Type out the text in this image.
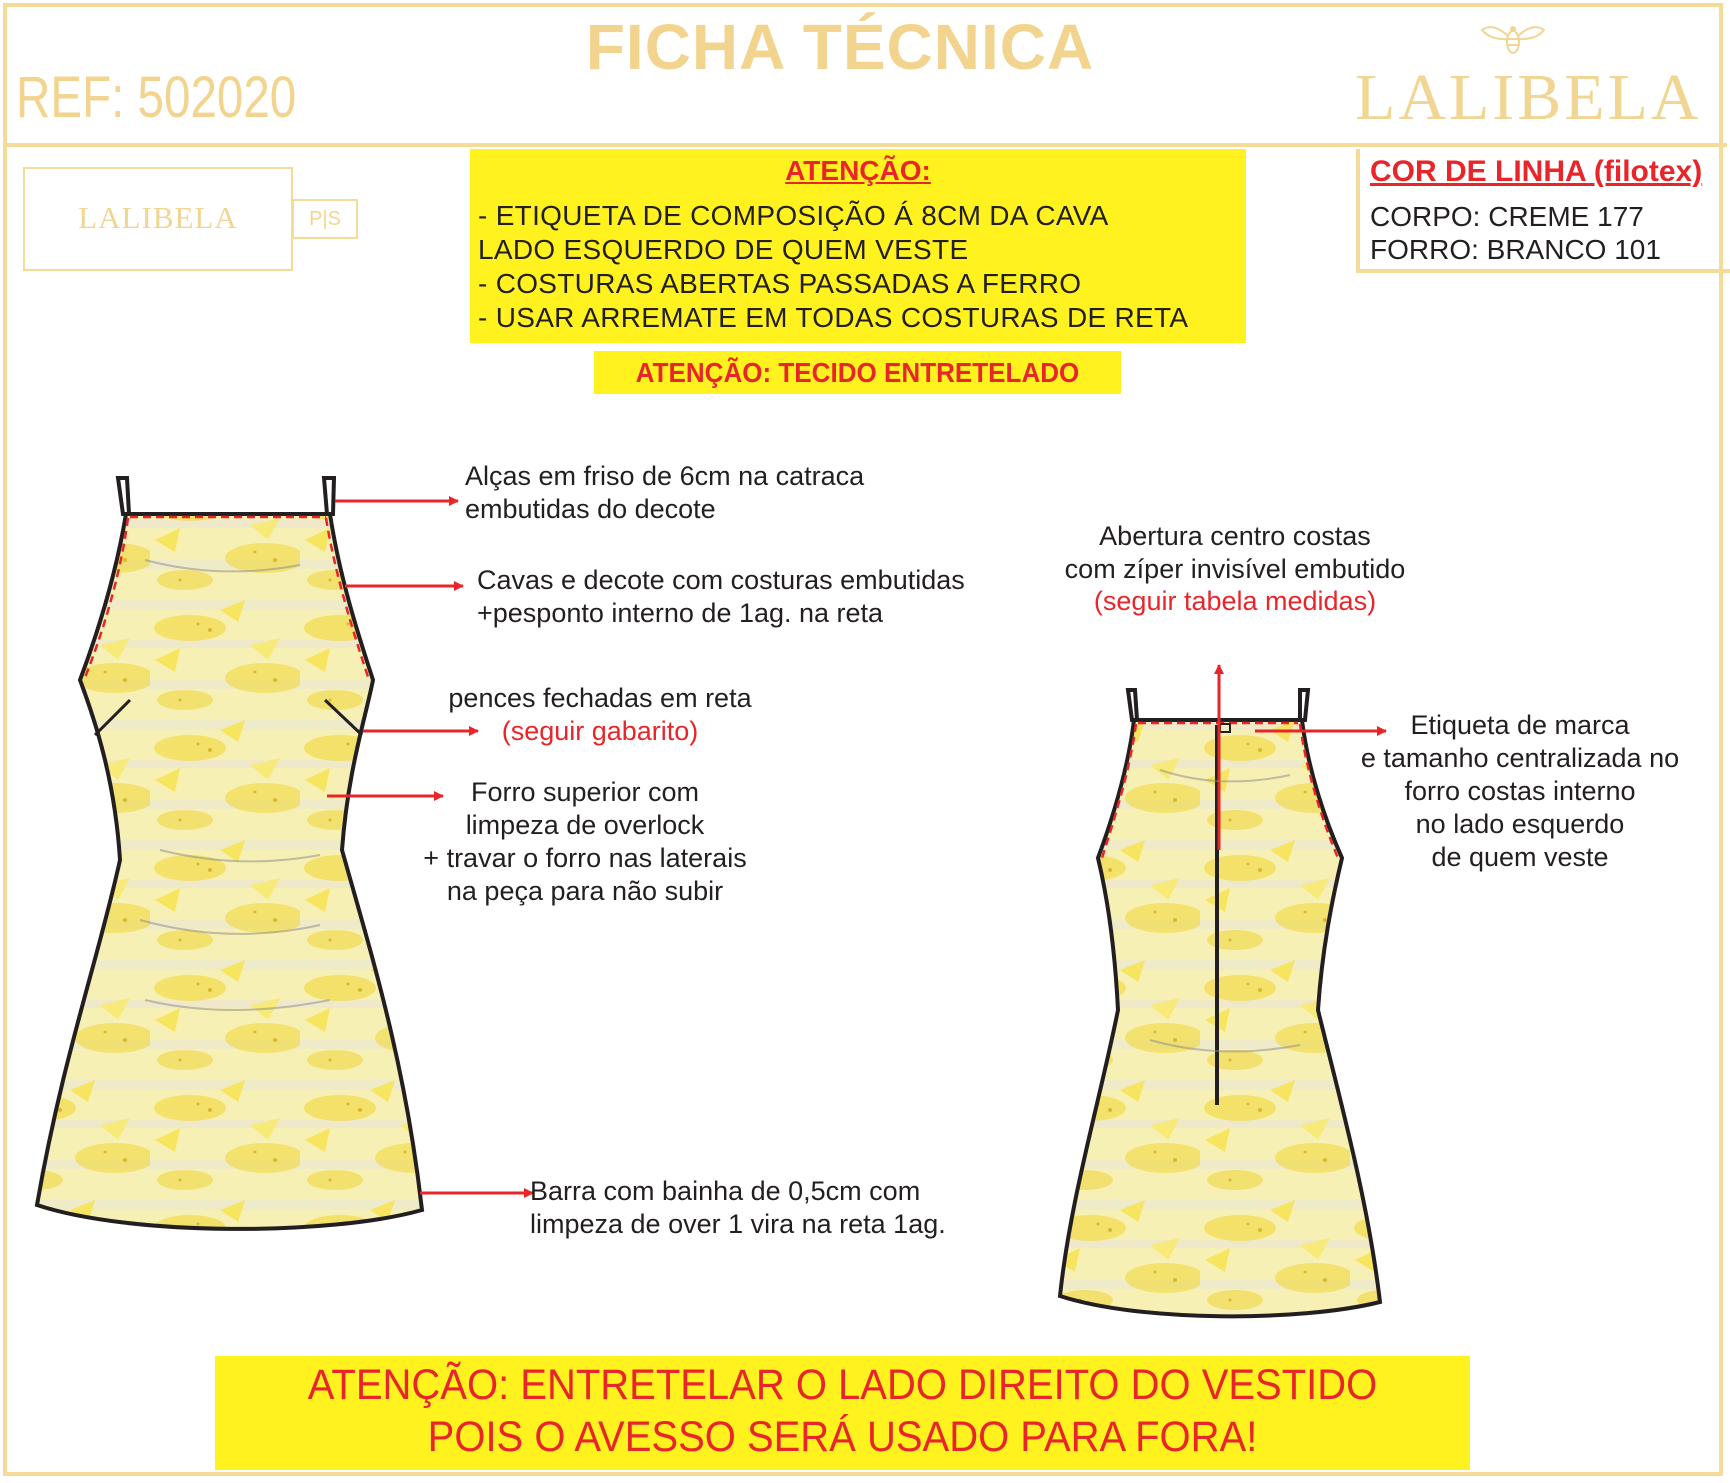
FICHA TÉCNICA
REF: 502020	LALIBELA
LALIBELA	P|S
ATENÇÃO:
- ETIQUETA DE COMPOSIÇÃO Á 8CM DA CAVA
LADO ESQUERDO DE QUEM VESTE
- COSTURAS ABERTAS PASSADAS A FERRO
- USAR ARREMATE EM TODAS COSTURAS DE RETA
ATENÇÃO: TECIDO ENTRETELADO
COR DE LINHA (filotex)
CORPO: CREME 177
FORRO: BRANCO 101
Alças em friso de 6cm na catraca
embutidas do decote
Cavas e decote com costuras embutidas
+pesponto interno de 1ag. na reta
pences fechadas em reta
(seguir gabarito)
Forro superior com
limpeza de overlock
+ travar o forro nas laterais
na peça para não subir
Barra com bainha de 0,5cm com
limpeza de over 1 vira na reta 1ag.
Abertura centro costas
com zíper invisível embutido
(seguir tabela medidas)
Etiqueta de marca
e tamanho centralizada no
forro costas interno
no lado esquerdo
de quem veste
ATENÇÃO: ENTRETELAR O LADO DIREITO DO VESTIDO
POIS O AVESSO SERÁ USADO PARA FORA!
